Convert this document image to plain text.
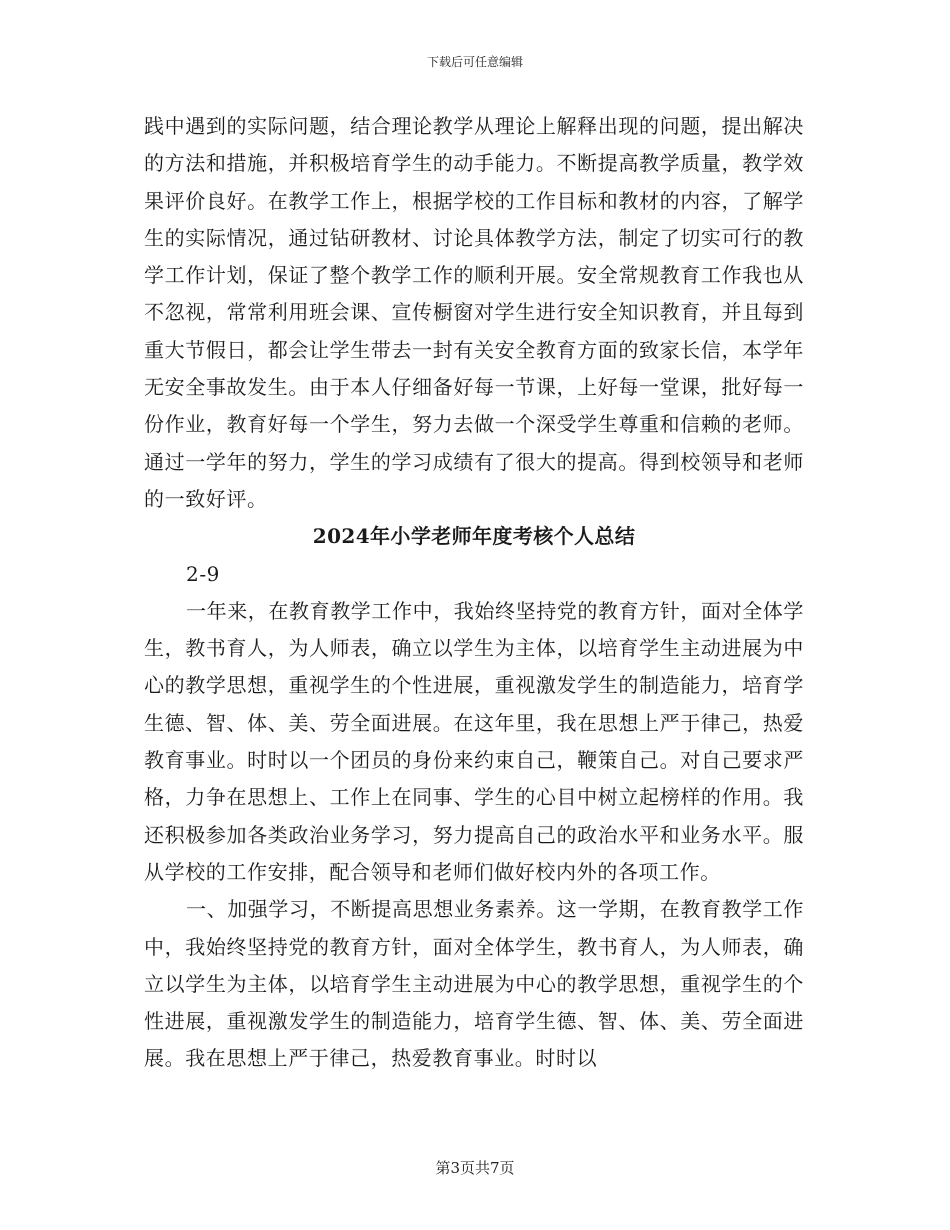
下载后可任意编辑

践中遇到的实际问题，结合理论教学从理论上解释出现的问题，提出解决的方法和措施，并积极培育学生的动手能力。不断提高教学质量，教学效果评价良好。在教学工作上，根据学校的工作目标和教材的内容，了解学生的实际情况，通过钻研教材、讨论具体教学方法，制定了切实可行的教学工作计划，保证了整个教学工作的顺利开展。安全常规教育工作我也从不忽视，常常利用班会课、宣传橱窗对学生进行安全知识教育，并且每到重大节假日，都会让学生带去一封有关安全教育方面的致家长信，本学年无安全事故发生。由于本人仔细备好每一节课，上好每一堂课，批好每一份作业，教育好每一个学生，努力去做一个深受学生尊重和信赖的老师。通过一学年的努力，学生的学习成绩有了很大的提高。得到校领导和老师的一致好评。

2024年小学老师年度考核个人总结

2-9

一年来，在教育教学工作中，我始终坚持党的教育方针，面对全体学生，教书育人，为人师表，确立以学生为主体，以培育学生主动进展为中心的教学思想，重视学生的个性进展，重视激发学生的制造能力，培育学生德、智、体、美、劳全面进展。在这年里，我在思想上严于律己，热爱教育事业。时时以一个团员的身份来约束自己，鞭策自己。对自己要求严格，力争在思想上、工作上在同事、学生的心目中树立起榜样的作用。我还积极参加各类政治业务学习，努力提高自己的政治水平和业务水平。服从学校的工作安排，配合领导和老师们做好校内外的各项工作。

一、加强学习，不断提高思想业务素养。这一学期，在教育教学工作中，我始终坚持党的教育方针，面对全体学生，教书育人，为人师表，确立以学生为主体，以培育学生主动进展为中心的教学思想，重视学生的个性进展，重视激发学生的制造能力，培育学生德、智、体、美、劳全面进展。我在思想上严于律己，热爱教育事业。时时以

第3页共7页
